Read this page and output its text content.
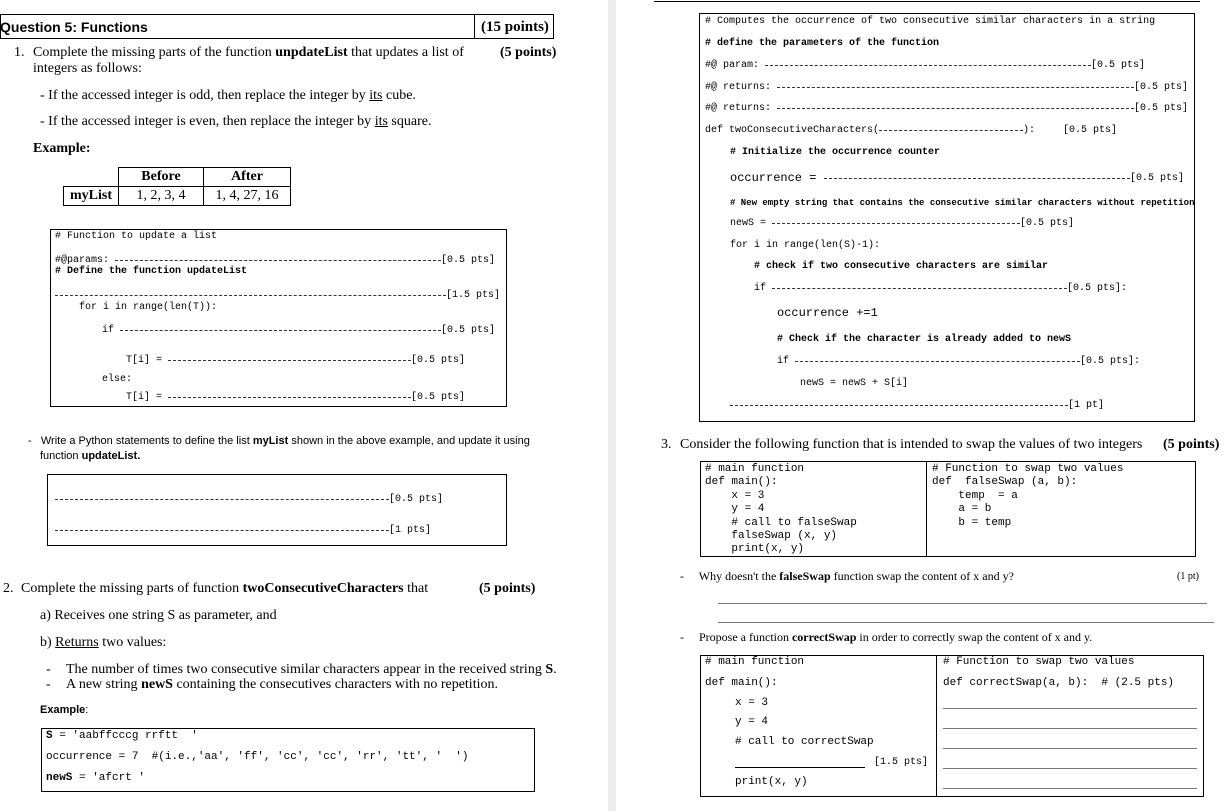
Question 5: Functions	(15 points)
1. Complete the missing parts of the function unpdateList that updates a list of	(5 points)
integers as follows:
- If the accessed integer is odd, then replace the integer by its cube.
- If the accessed integer is even, then replace the integer by its square.
Example:
	Before	After
myList	1, 2, 3, 4	1, 4, 27, 16
# Function to update a list
#@params:	[0.5 pts]
# Define the function updateList
[1.5 pts]
for i in range(len(T)):
if	[0.5 pts]
T[i] =	[0.5 pts]
else:
T[i] =	[0.5 pts]
- Write a Python statements to define the list myList shown in the above example, and update it using
function updateList.
[0.5 pts]
[1 pts]
2. Complete the missing parts of function twoConsecutiveCharacters that	(5 points)
a) Receives one string S as parameter, and
b) Returns two values:
- The number of times two consecutive similar characters appear in the received string S.
- A new string newS containing the consecutives characters with no repetition.
Example:
S = 'aabffcccg rrftt  '
occurrence = 7  #(i.e.,'aa', 'ff', 'cc', 'cc', 'rr', 'tt', '  ')
newS = 'afcrt '
# Computes the occurrence of two consecutive similar characters in a string
# define the parameters of the function
#@ param:	[0.5 pts]
#@ returns:	[0.5 pts]
#@ returns:	[0.5 pts]
def twoConsecutiveCharacters(	):	[0.5 pts]
# Initialize the occurrence counter
occurrence =	[0.5 pts]
# New empty string that contains the consecutive similar characters without repetition
newS =	[0.5 pts]
for i in range(len(S)-1):
# check if two consecutive characters are similar
if	[0.5 pts]:
occurrence +=1
# Check if the character is already added to newS
if	[0.5 pts]:
newS = newS + S[i]
[1 pt]
3. Consider the following function that is intended to swap the values of two integers (5 points)
# main function
def main():
x = 3
y = 4
# call to falseSwap
falseSwap (x, y)
print(x, y)
# Function to swap two values
def  falseSwap (a, b):
temp  = a
a = b
b = temp
- Why doesn't the falseSwap function swap the content of x and y?	(1 pt)
- Propose a function correctSwap in order to correctly swap the content of x and y.
# main function
def main():
x = 3
y = 4
# call to correctSwap
[1.5 pts]
print(x, y)
# Function to swap two values
def correctSwap(a, b):  # (2.5 pts)
